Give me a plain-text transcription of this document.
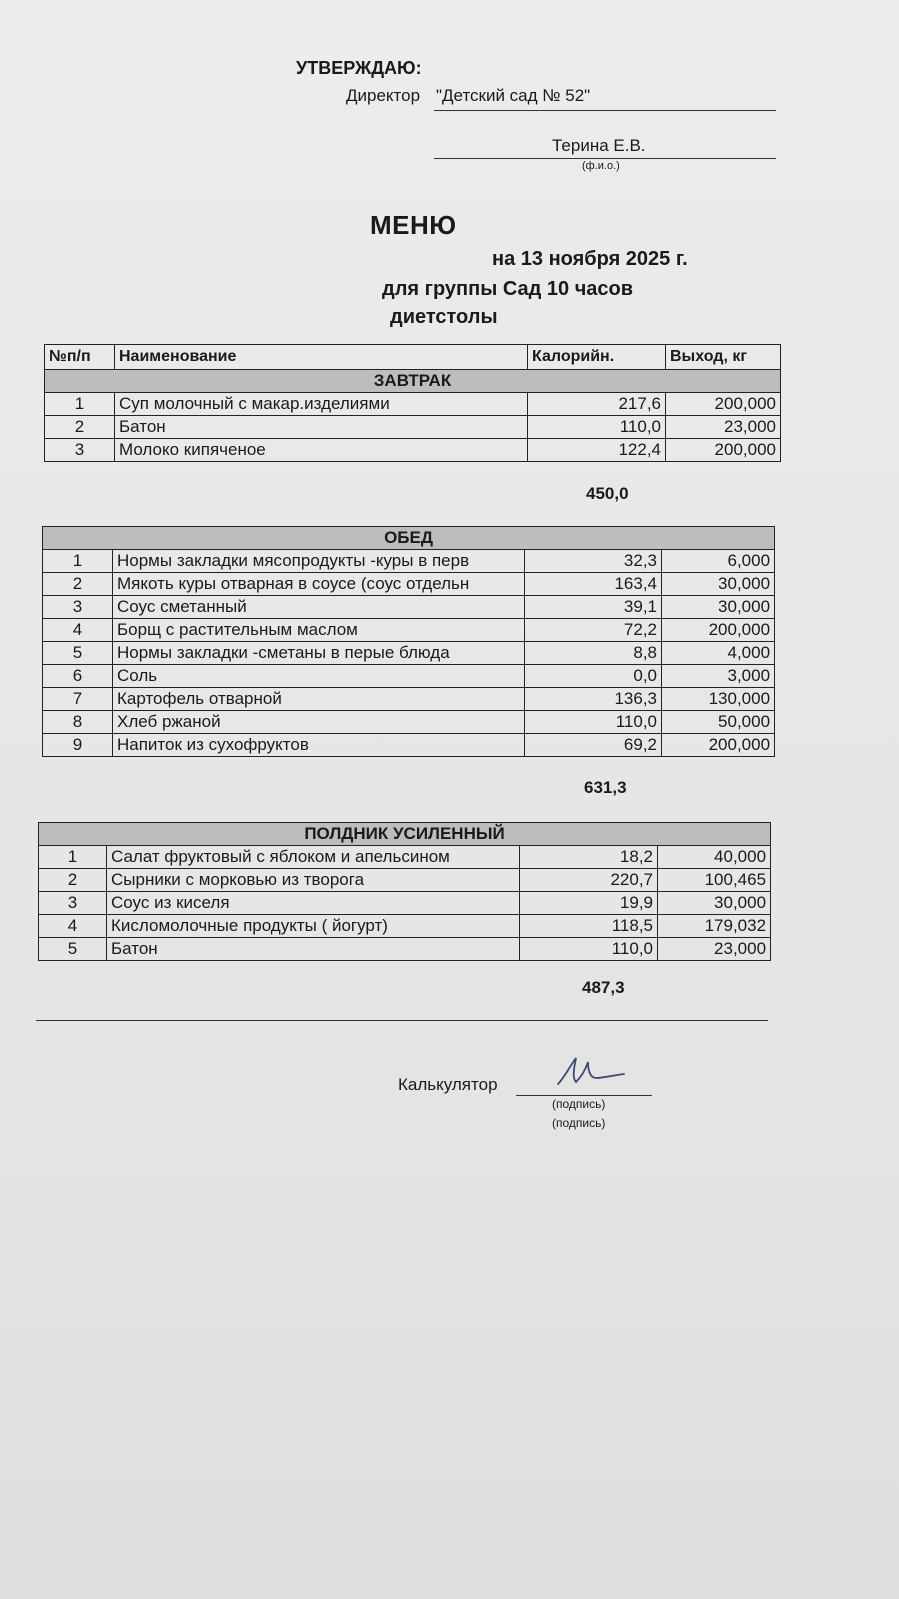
УТВЕРЖДАЮ:
Директор "Детский сад № 52"
Терина Е.В.
(ф.и.о.)
МЕНЮ
на 13 ноября 2025 г.
для группы Сад 10 часов
диетстолы
№п/п	Наименование	Калорийн.	Выход, кг
ЗАВТРАК			
1	Суп молочный с макар.изделиями	217,6	200,000
2	Батон	110,0	23,000
3	Молоко кипяченое	122,4	200,000
450,0
ОБЕД			
1	Нормы закладки мясопродукты -куры в перв	32,3	6,000
2	Мякоть куры отварная в соусе (соус отдельн	163,4	30,000
3	Соус сметанный	39,1	30,000
4	Борщ с растительным маслом	72,2	200,000
5	Нормы закладки -сметаны в перые блюда	8,8	4,000
6	Соль	0,0	3,000
7	Картофель отварной	136,3	130,000
8	Хлеб ржаной	110,0	50,000
9	Напиток из сухофруктов	69,2	200,000
631,3
ПОЛДНИК УСИЛЕННЫЙ			
1	Салат фруктовый с яблоком и апельсином	18,2	40,000
2	Сырники с морковью из творога	220,7	100,465
3	Соус из киселя	19,9	30,000
4	Кисломолочные продукты ( йогурт)	118,5	179,032
5	Батон	110,0	23,000
487,3
Калькулятор
(подпись)
(подпись)
